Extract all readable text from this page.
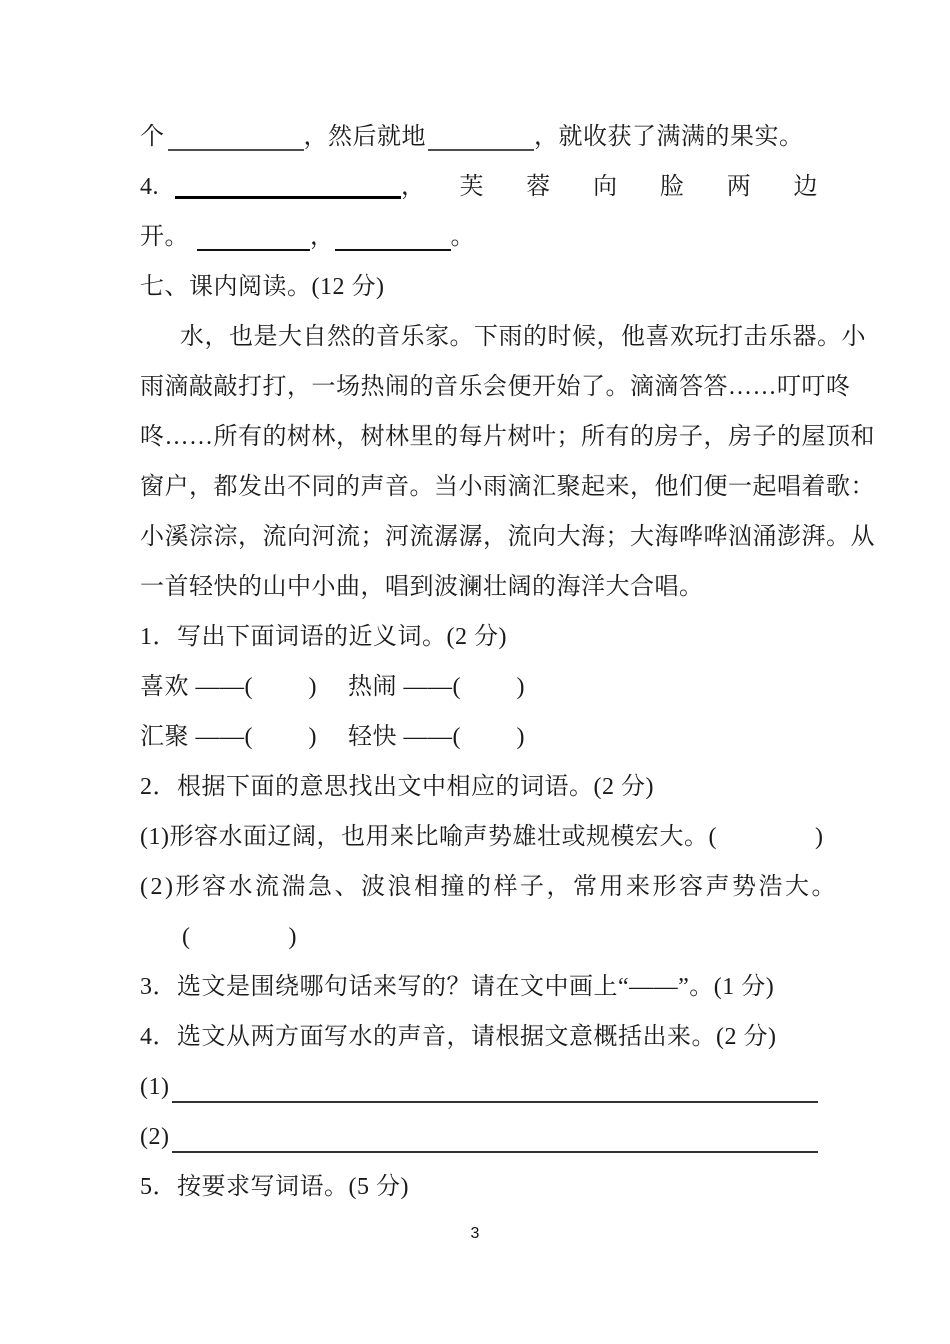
个	，然后就地	，就收获了满满的果实。
4.	， 芙 蓉 向 脸 两 边
开。	，	。
七、课内阅读。(12 分)
水，也是大自然的音乐家。下雨的时候，他喜欢玩打击乐器。小
雨滴敲敲打打，一场热闹的音乐会便开始了。滴滴答答……叮叮咚
咚……所有的树林，树林里的每片树叶；所有的房子，房子的屋顶和
窗户，都发出不同的声音。当小雨滴汇聚起来，他们便一起唱着歌：
小溪淙淙，流向河流；河流潺潺，流向大海；大海哗哗汹涌澎湃。从
一首轻快的山中小曲，唱到波澜壮阔的海洋大合唱。
1．写出下面词语的近义词。(2 分)
喜欢 ——(　　 )　 热闹 ——(　　 )
汇聚 ——(　　 )　 轻快 ——(　　 )
2．根据下面的意思找出文中相应的词语。(2 分)
(1)形容水面辽阔，也用来比喻声势雄壮或规模宏大。(　　　　)
(2)形容水流湍急、波浪相撞的样子，常用来形容声势浩大。
(　　　　)
3．选文是围绕哪句话来写的？请在文中画上“——”。(1 分)
4．选文从两方面写水的声音，请根据文意概括出来。(2 分)
(1)
(2)
5．按要求写词语。(5 分)
3
